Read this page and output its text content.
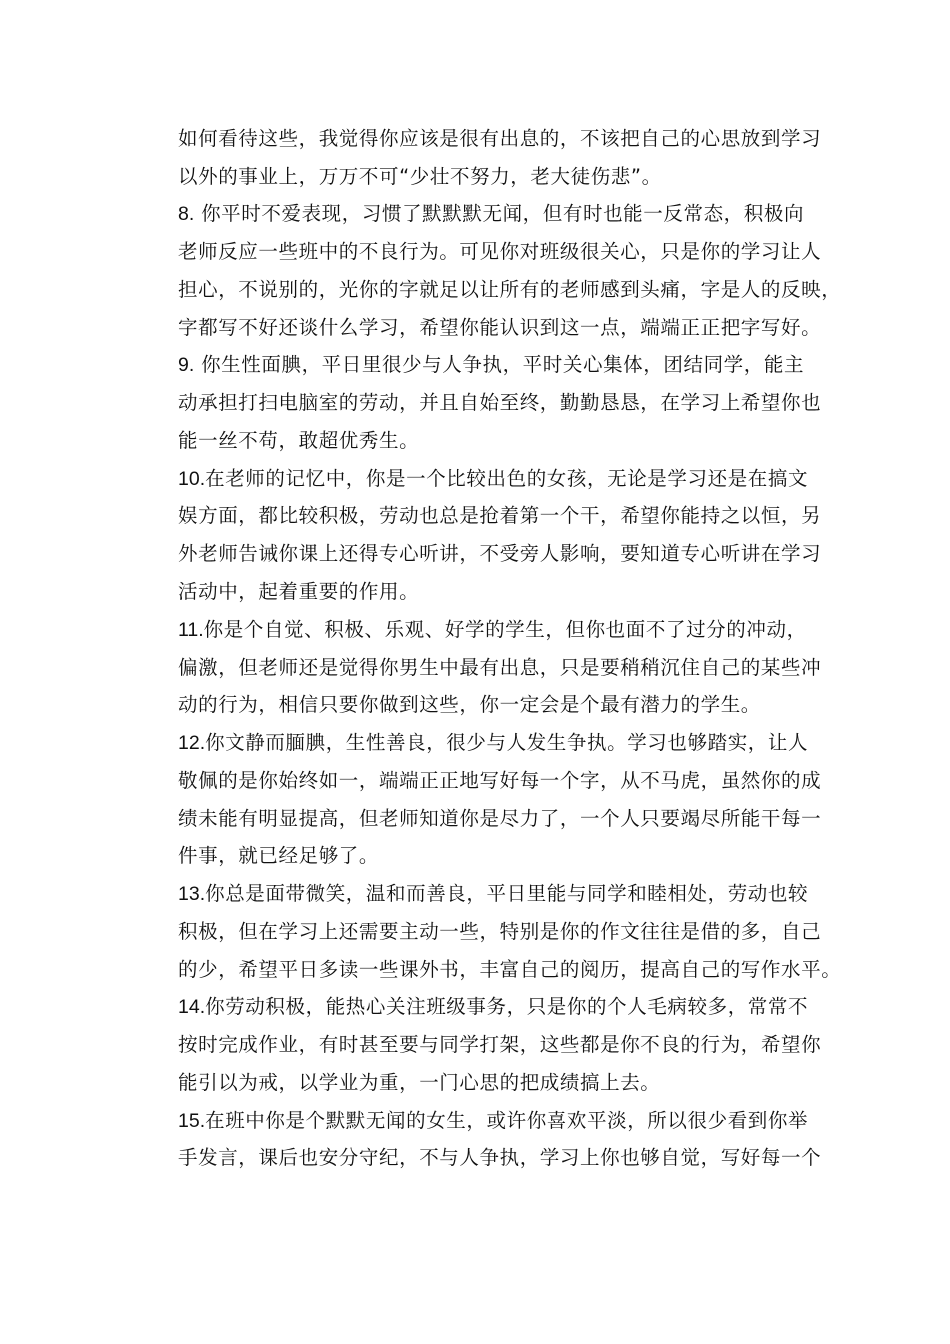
如何看待这些，我觉得你应该是很有出息的，不该把自己的心思放到学习
以外的事业上，万万不可“少壮不努力，老大徒伤悲”。
8. 你平时不爱表现，习惯了默默默无闻，但有时也能一反常态，积极向
老师反应一些班中的不良行为。可见你对班级很关心，只是你的学习让人
担心，不说别的，光你的字就足以让所有的老师感到头痛，字是人的反映，
字都写不好还谈什么学习，希望你能认识到这一点，端端正正把字写好。
9. 你生性面腆，平日里很少与人争执，平时关心集体，团结同学，能主
动承担打扫电脑室的劳动，并且自始至终，勤勤恳恳，在学习上希望你也
能一丝不苟，敢超优秀生。
10.在老师的记忆中，你是一个比较出色的女孩，无论是学习还是在搞文
娱方面，都比较积极，劳动也总是抢着第一个干，希望你能持之以恒，另
外老师告诫你课上还得专心听讲，不受旁人影响，要知道专心听讲在学习
活动中，起着重要的作用。
11.你是个自觉、积极、乐观、好学的学生，但你也面不了过分的冲动，
偏激，但老师还是觉得你男生中最有出息，只是要稍稍沉住自己的某些冲
动的行为，相信只要你做到这些，你一定会是个最有潜力的学生。
12.你文静而腼腆，生性善良，很少与人发生争执。学习也够踏实，让人
敬佩的是你始终如一，端端正正地写好每一个字，从不马虎，虽然你的成
绩未能有明显提高，但老师知道你是尽力了，一个人只要竭尽所能干每一
件事，就已经足够了。
13.你总是面带微笑，温和而善良，平日里能与同学和睦相处，劳动也较
积极，但在学习上还需要主动一些，特别是你的作文往往是借的多，自己
的少，希望平日多读一些课外书，丰富自己的阅历，提高自己的写作水平。
14.你劳动积极，能热心关注班级事务，只是你的个人毛病较多，常常不
按时完成作业，有时甚至要与同学打架，这些都是你不良的行为，希望你
能引以为戒，以学业为重，一门心思的把成绩搞上去。
15.在班中你是个默默无闻的女生，或许你喜欢平淡，所以很少看到你举
手发言，课后也安分守纪，不与人争执，学习上你也够自觉，写好每一个
